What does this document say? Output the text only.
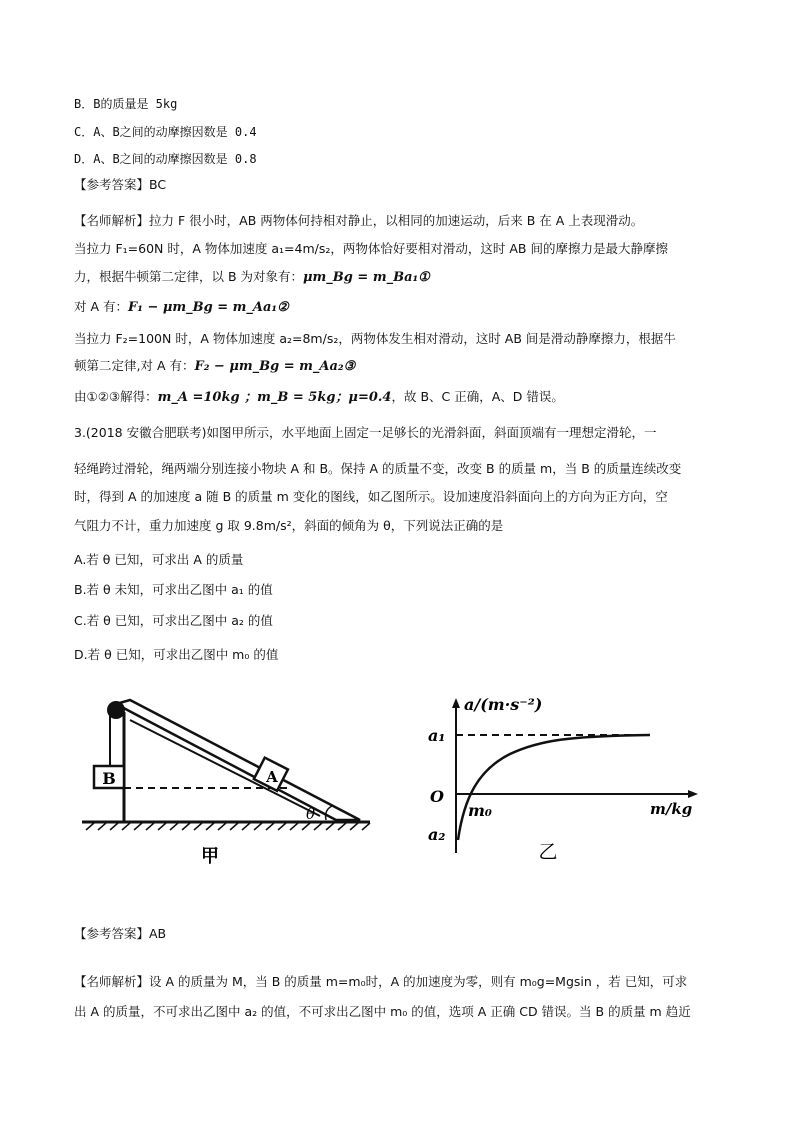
B．B的质量是 5kg
C．A、B之间的动摩擦因数是 0.4
D．A、B之间的动摩擦因数是 0.8
【参考答案】BC
【名师解析】拉力 F 很小时，AB 两物体何持相对静止，以相同的加速运动，后来 B 在 A 上表现滑动。
当拉力 F₁=60N 时，A 物体加速度 a₁=4m/s₂，两物体恰好要相对滑动，这时 AB 间的摩擦力是最大静摩擦
力，根据牛顿第二定律，以 B 为对象有：μm_Bg = m_Ba₁①
对 A 有：F₁ − μm_Bg = m_Aa₁②
当拉力 F₂=100N 时，A 物体加速度 a₂=8m/s₂，两物体发生相对滑动，这时 AB 间是滑动静摩擦力，根据牛
顿第二定律,对 A 有：F₂ − μm_Bg = m_Aa₂③
由①②③解得：m_A =10kg ；m_B = 5kg；μ=0.4，故 B、C 正确，A、D 错误。
3.(2018 安徽合肥联考)如图甲所示，水平地面上固定一足够长的光滑斜面，斜面顶端有一理想定滑轮，一
轻绳跨过滑轮，绳两端分别连接小物块 A 和 B。保持 A 的质量不变，改变 B 的质量 m，当 B 的质量连续改变
时，得到 A 的加速度 a 随 B 的质量 m 变化的图线，如乙图所示。设加速度沿斜面向上的方向为正方向，空
气阻力不计，重力加速度 g 取 9.8m/s²，斜面的倾角为 θ，下列说法正确的是
A.若 θ 已知，可求出 A 的质量
B.若 θ 未知，可求出乙图中 a₁ 的值
C.若 θ 已知，可求出乙图中 a₂ 的值
D.若 θ 已知，可求出乙图中 m₀ 的值
B	A
θ
甲
a/(m·s⁻²)
a₁
O
m₀	m/kg
a₂
乙
【参考答案】AB
【名师解析】设 A 的质量为 M，当 B 的质量 m=m₀时，A 的加速度为零，则有 m₀g=Mgsin ，若 已知，可求
出 A 的质量，不可求出乙图中 a₂ 的值，不可求出乙图中 m₀ 的值，选项 A 正确 CD 错误。当 B 的质量 m 趋近
